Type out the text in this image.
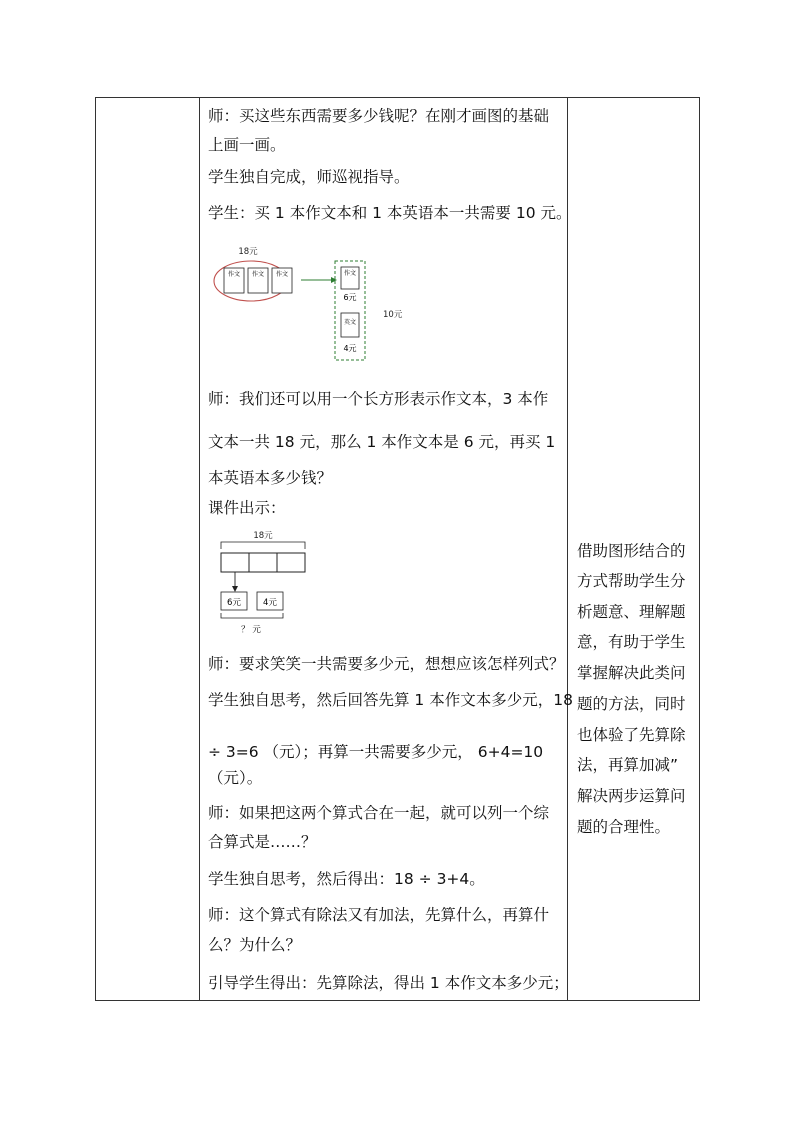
师：买这些东西需要多少钱呢？在刚才画图的基础
上画一画。
学生独自完成，师巡视指导。
学生：买 1 本作文本和 1 本英语本一共需要 10 元。
18元
作文 作文 作文	作文
6元
英文
4元
10元
师：我们还可以用一个长方形表示作文本，3 本作
文本一共 18 元，那么 1 本作文本是 6 元，再买 1
本英语本多少钱？
课件出示：
18元
6元	4元
？ 元
师：要求笑笑一共需要多少元，想想应该怎样列式？
学生独自思考，然后回答先算 1 本作文本多少元，18
÷ 3=6 （元）；再算一共需要多少元， 6+4=10
（元）。
师：如果把这两个算式合在一起，就可以列一个综
合算式是……？
学生独自思考，然后得出：18 ÷ 3+4。
师：这个算式有除法又有加法，先算什么，再算什
么？为什么？
引导学生得出：先算除法，得出 1 本作文本多少元；
借助图形结合的
方式帮助学生分
析题意、理解题
意，有助于学生
掌握解决此类问
题的方法，同时
也体验了先算除
法，再算加减”
解决两步运算问
题的合理性。
